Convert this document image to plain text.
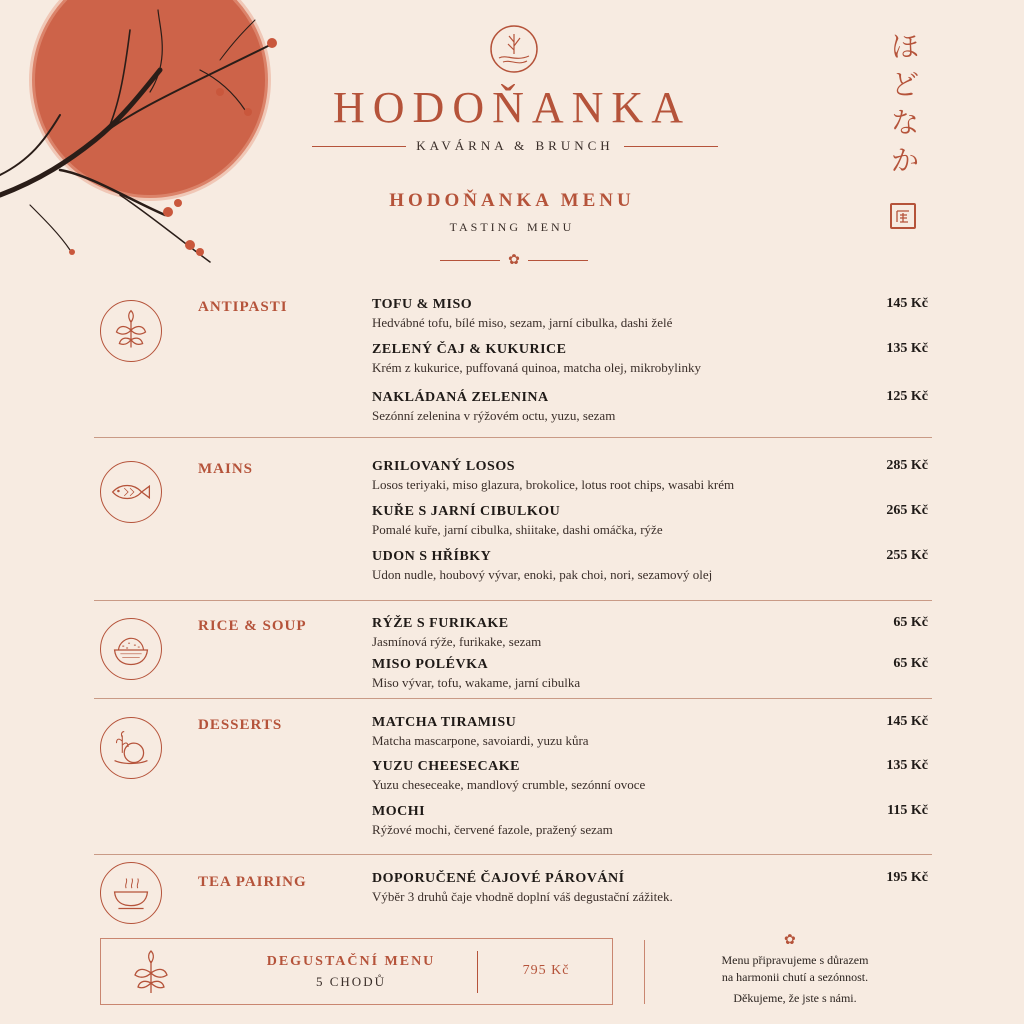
HODOŇANKA
KAVÁRNA & BRUNCH
HODOŇANKA MENU
TASTING MENU
✿
ほ
ど
な
か
ANTIPASTI	TOFU & MISO
Hedvábné tofu, bílé miso, sezam, jarní cibulka, dashi želé
145 Kč
ZELENÝ ČAJ & KUKURICE
Krém z kukurice, puffovaná quinoa, matcha olej, mikrobylinky
135 Kč
NAKLÁDANÁ ZELENINA
Sezónní zelenina v rýžovém octu, yuzu, sezam
125 Kč
MAINS	GRILOVANÝ LOSOS
Losos teriyaki, miso glazura, brokolice, lotus root chips, wasabi krém
285 Kč
KUŘE S JARNÍ CIBULKOU
Pomalé kuře, jarní cibulka, shiitake, dashi omáčka, rýže
265 Kč
UDON S HŘÍBKY
Udon nudle, houbový vývar, enoki, pak choi, nori, sezamový olej
255 Kč
RICE & SOUP	RÝŽE S FURIKAKE
Jasmínová rýže, furikake, sezam
65 Kč
MISO POLÉVKA
Miso vývar, tofu, wakame, jarní cibulka
65 Kč
DESSERTS	MATCHA TIRAMISU
Matcha mascarpone, savoiardi, yuzu kůra
145 Kč
YUZU CHEESECAKE
Yuzu cheseceake, mandlový crumble, sezónní ovoce
135 Kč
MOCHI
Rýžové mochi, červené fazole, pražený sezam
115 Kč
TEA PAIRING	DOPORUČENÉ ČAJOVÉ PÁROVÁNÍ
Výběr 3 druhů čaje vhodně doplní váš degustační zážitek.
195 Kč
DEGUSTAČNÍ MENU
5 CHODŮ
795 Kč
✿
Menu připravujeme s důrazem
na harmonii chutí a sezónnost.
Děkujeme, že jste s námi.
